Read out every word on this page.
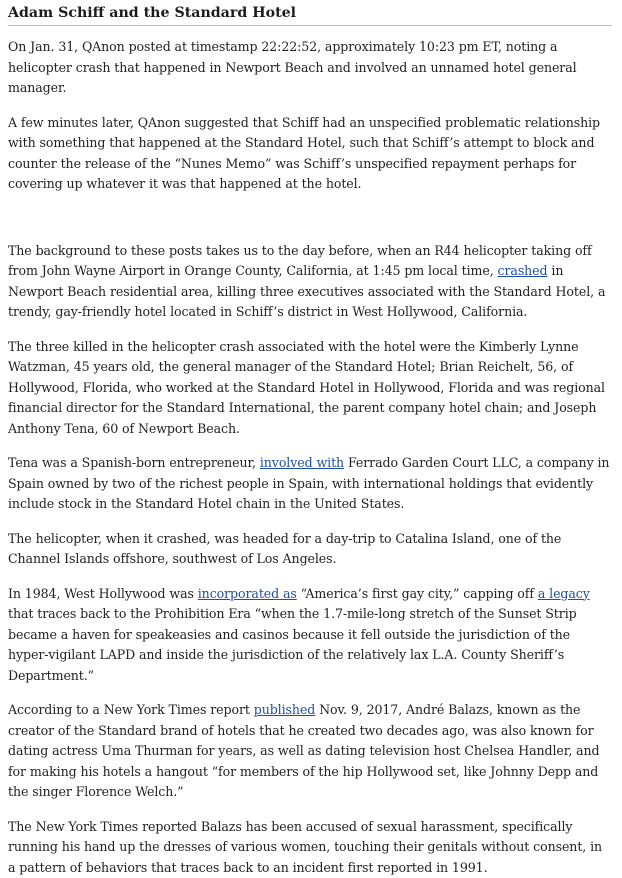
Adam Schiff and the Standard Hotel

On Jan. 31, QAnon posted at timestamp 22:22:52, approximately 10:23 pm ET, noting a helicopter crash that happened in Newport Beach and involved an unnamed hotel general manager.

A few minutes later, QAnon suggested that Schiff had an unspecified problematic relationship with something that happened at the Standard Hotel, such that Schiff’s attempt to block and counter the release of the “Nunes Memo” was Schiff’s unspecified repayment perhaps for covering up whatever it was that happened at the hotel.

The background to these posts takes us to the day before, when an R44 helicopter taking off from John Wayne Airport in Orange County, California, at 1:45 pm local time, crashed in Newport Beach residential area, killing three executives associated with the Standard Hotel, a trendy, gay-friendly hotel located in Schiff’s district in West Hollywood, California.

The three killed in the helicopter crash associated with the hotel were the Kimberly Lynne Watzman, 45 years old, the general manager of the Standard Hotel; Brian Reichelt, 56, of Hollywood, Florida, who worked at the Standard Hotel in Hollywood, Florida and was regional financial director for the Standard International, the parent company hotel chain; and Joseph Anthony Tena, 60 of Newport Beach.

Tena was a Spanish-born entrepreneur, involved with Ferrado Garden Court LLC, a company in Spain owned by two of the richest people in Spain, with international holdings that evidently include stock in the Standard Hotel chain in the United States.

The helicopter, when it crashed, was headed for a day-trip to Catalina Island, one of the Channel Islands offshore, southwest of Los Angeles.

In 1984, West Hollywood was incorporated as “America’s first gay city,” capping off a legacy that traces back to the Prohibition Era “when the 1.7-mile-long stretch of the Sunset Strip became a haven for speakeasies and casinos because it fell outside the jurisdiction of the hyper-vigilant LAPD and inside the jurisdiction of the relatively lax L.A. County Sheriff’s Department.”

According to a New York Times report published Nov. 9, 2017, André Balazs, known as the creator of the Standard brand of hotels that he created two decades ago, was also known for dating actress Uma Thurman for years, as well as dating television host Chelsea Handler, and for making his hotels a hangout “for members of the hip Hollywood set, like Johnny Depp and the singer Florence Welch.”

The New York Times reported Balazs has been accused of sexual harassment, specifically running his hand up the dresses of various women, touching their genitals without consent, in a pattern of behaviors that traces back to an incident first reported in 1991.
